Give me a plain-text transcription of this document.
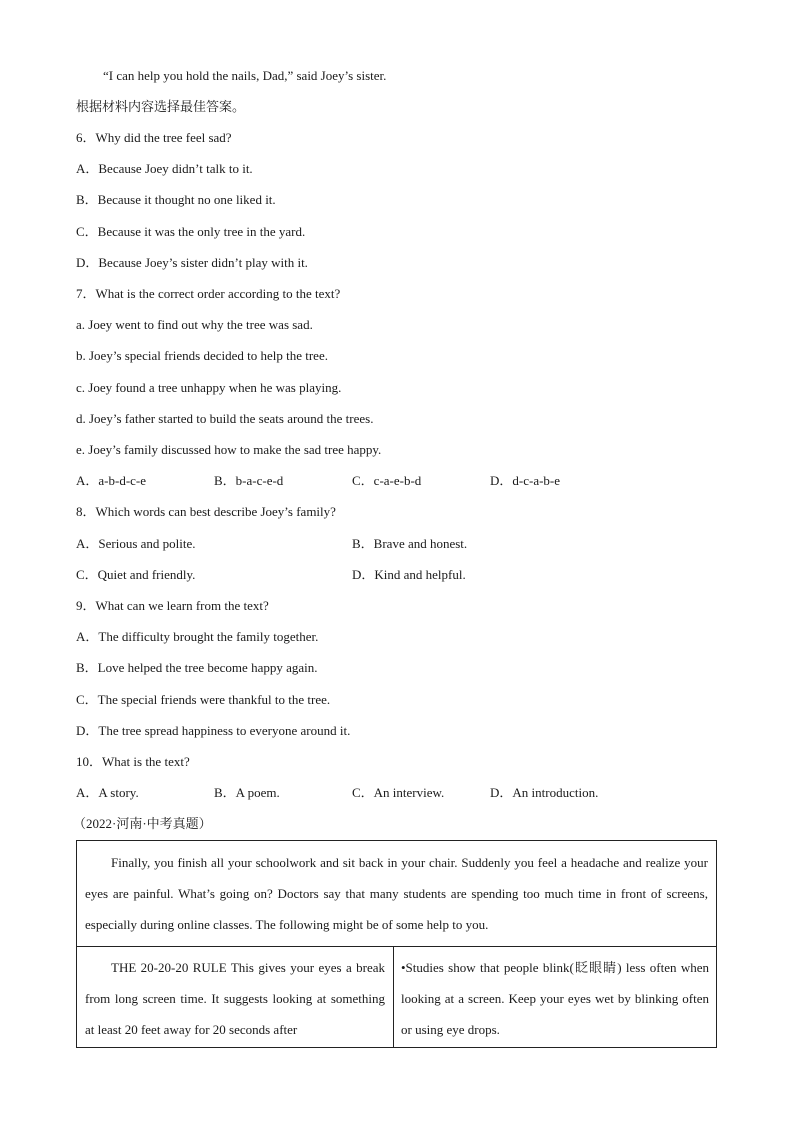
“I can help you hold the nails, Dad,” said Joey’s sister.
根据材料内容选择最佳答案。
6．Why did the tree feel sad?
A．Because Joey didn’t talk to it.
B．Because it thought no one liked it.
C．Because it was the only tree in the yard.
D．Because Joey’s sister didn’t play with it.
7．What is the correct order according to the text?
a. Joey went to find out why the tree was sad.
b. Joey’s special friends decided to help the tree.
c. Joey found a tree unhappy when he was playing.
d. Joey’s father started to build the seats around the trees.
e. Joey’s family discussed how to make the sad tree happy.
A．a-b-d-c-e	B．b-a-c-e-d	C．c-a-e-b-d	D．d-c-a-b-e
8．Which words can best describe Joey’s family?
A．Serious and polite.	B．Brave and honest.
C．Quiet and friendly.	D．Kind and helpful.
9．What can we learn from the text?
A．The difficulty brought the family together.
B．Love helped the tree become happy again.
C．The special friends were thankful to the tree.
D．The tree spread happiness to everyone around it.
10．What is the text?
A．A story.	B．A poem.	C．An interview.	D．An introduction.
（2022·河南·中考真题）
Finally, you finish all your schoolwork and sit back in your chair. Suddenly you feel a headache and realize your eyes are painful. What’s going on? Doctors say that many students are spending too much time in front of screens, especially during online classes. The following might be of some help to you.
THE 20-20-20 RULE This gives your eyes a break from long screen time. It suggests looking at something at least 20 feet away for 20 seconds after
•Studies show that people blink(眨眼睛) less often when looking at a screen. Keep your eyes wet by blinking often or using eye drops.
